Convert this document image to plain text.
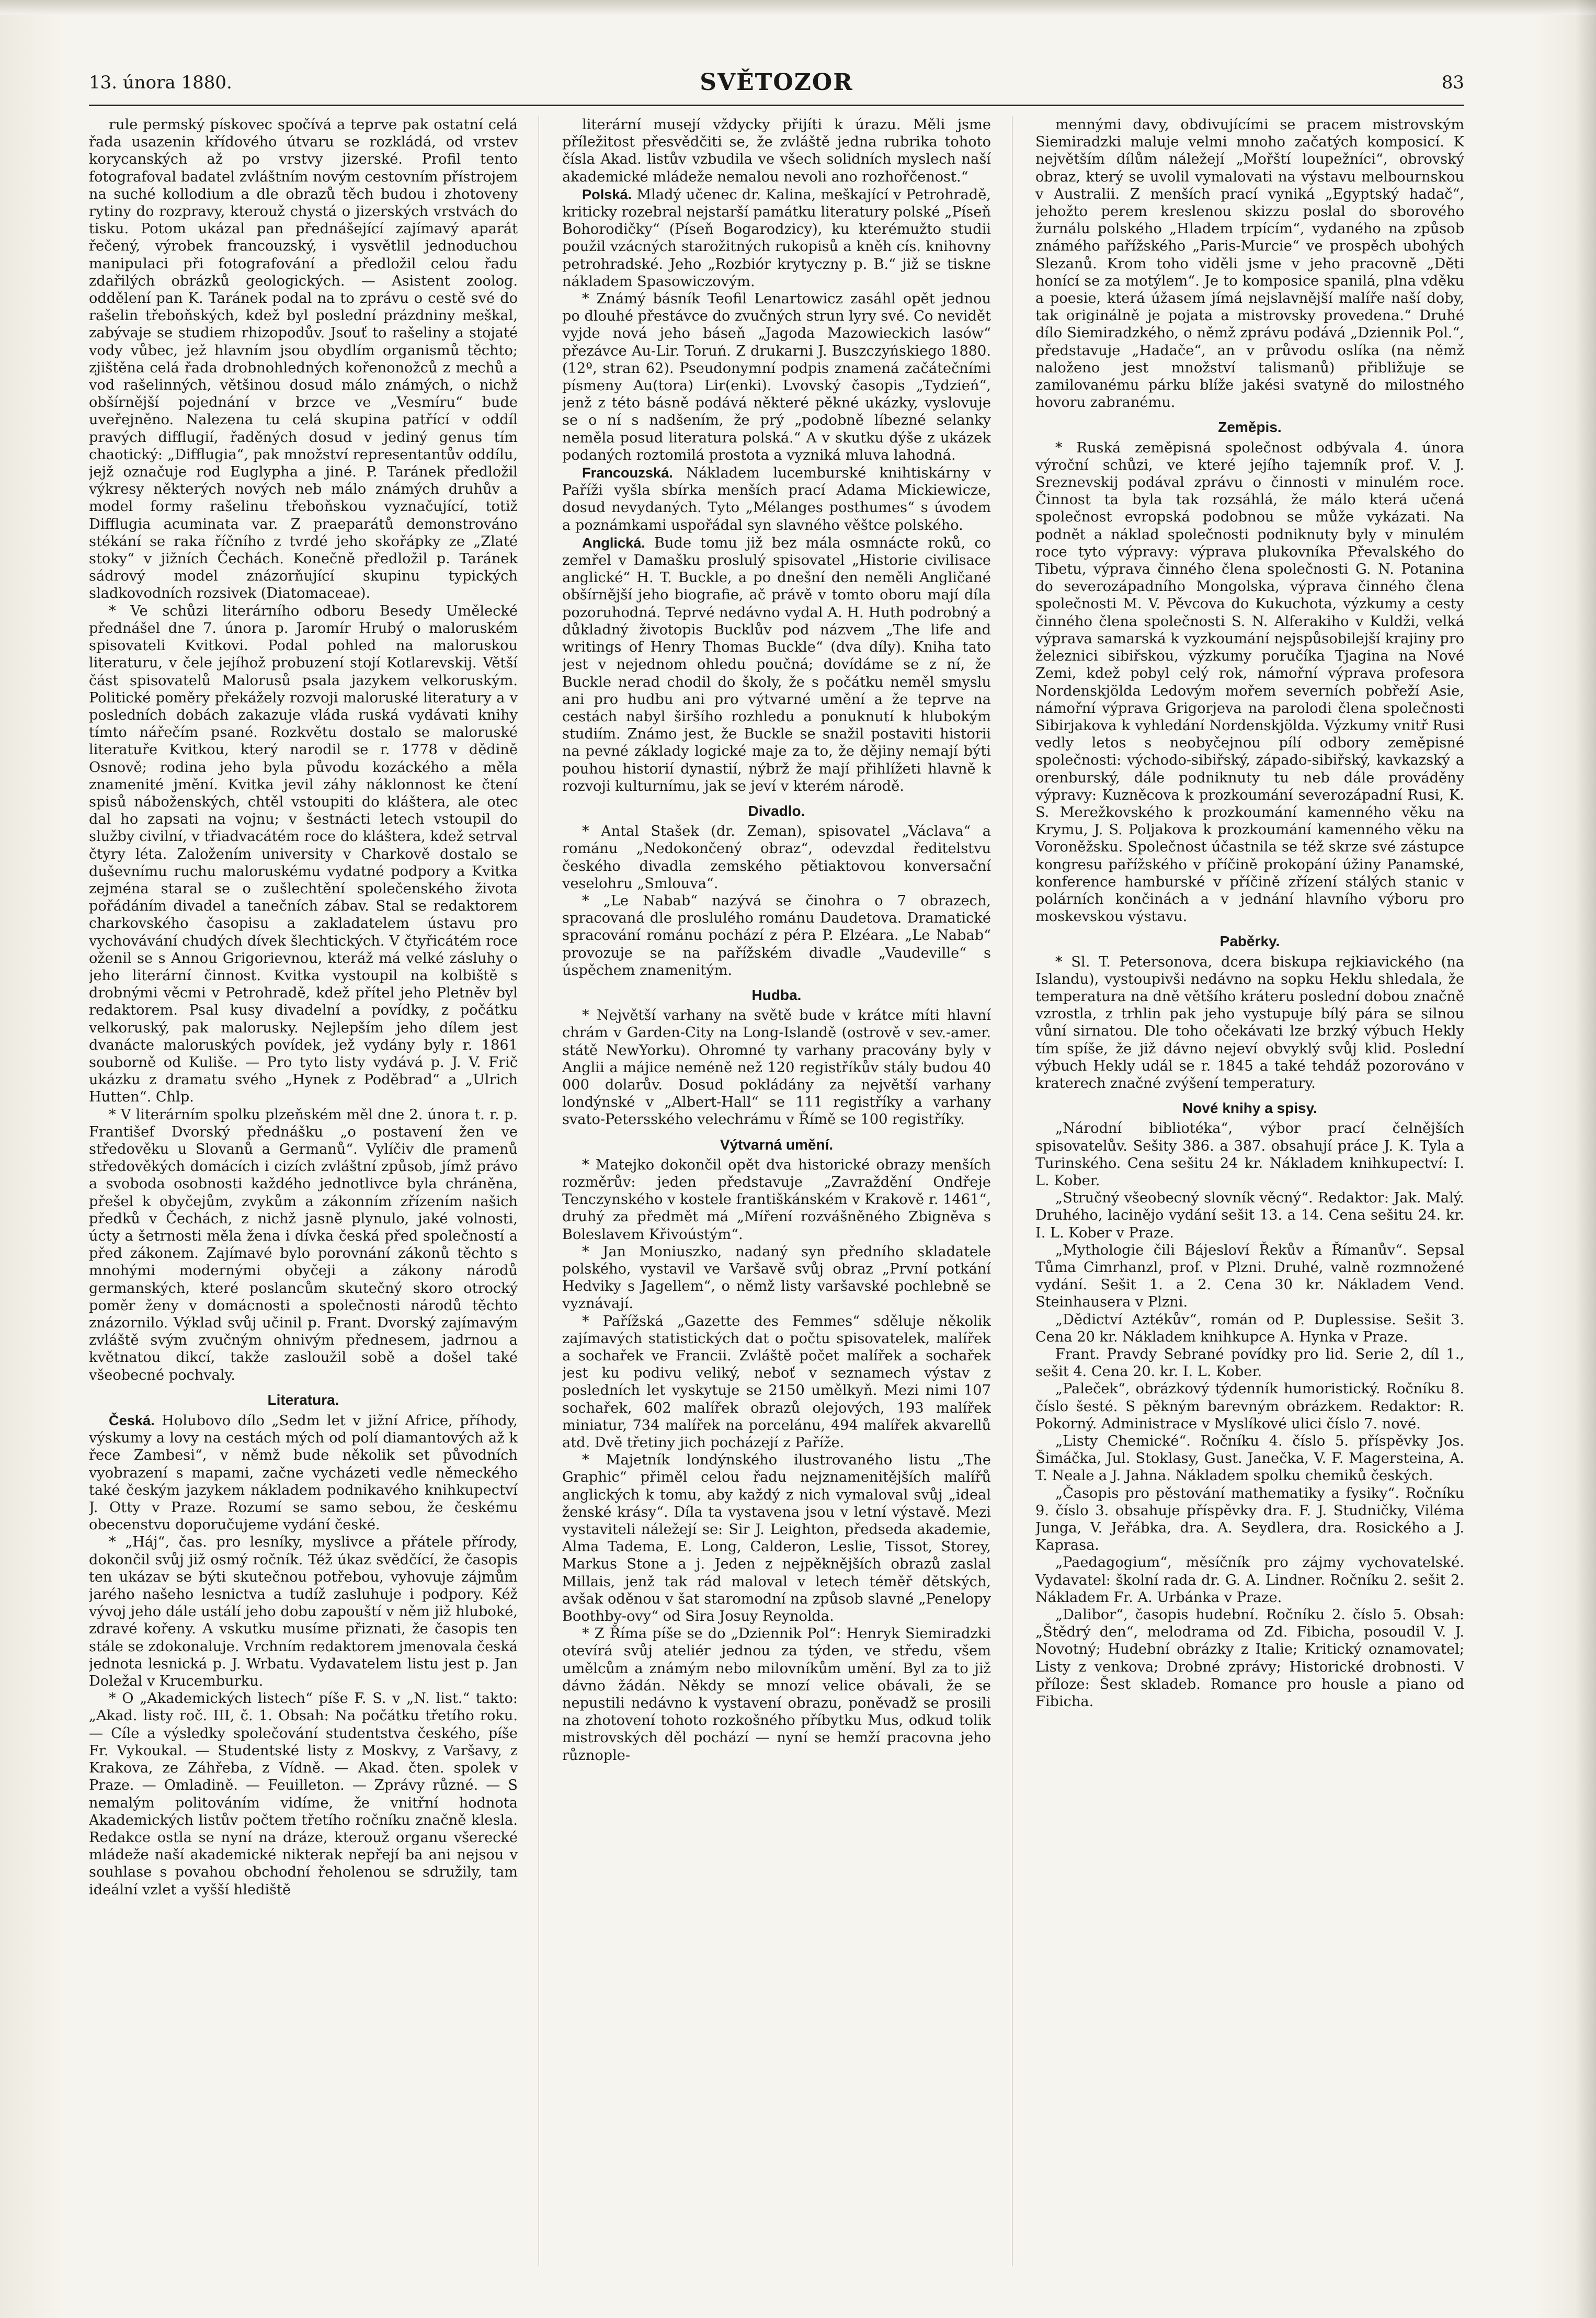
13. února 1880.	SVĚTOZOR	83

rule permský pískovec spočívá a teprve pak ostatní celá řada usazenin křídového útvaru se rozkládá, od vrstev korycanských až po vrstvy jizerské. Profil tento fotografoval badatel zvláštním novým cestovním přístrojem na suché kollodium a dle obrazů těch budou i zhotoveny rytiny do rozpravy, kterouž chystá o jizerských vrstvách do tisku. Potom ukázal pan přednášející zajímavý aparát řečený, výrobek francouzský, i vysvětlil jednoduchou manipulaci při fotografování a předložil celou řadu zdařilých obrázků geologických. — Asistent zoolog. oddělení pan K. Taránek podal na to zprávu o cestě své do rašelin třeboňských, kdež byl poslední prázdniny meškal, zabývaje se studiem rhizopodův. Jsouť to rašeliny a stojaté vody vůbec, jež hlavním jsou obydlím organismů těchto; zjištěna celá řada drobnohledných kořenonožců z mechů a vod rašelinných, většinou dosud málo známých, o nichž obšírnější pojednání v brzce ve „Vesmíru“ bude uveřejněno. Nalezena tu celá skupina patřící v oddíl pravých difflugií, řaděných dosud v jediný genus tím chaotický: „Difflugia“, pak množství representantův oddílu, jejž označuje rod Euglypha a jiné. P. Taránek předložil výkresy některých nových neb málo známých druhův a model formy rašelinu třeboňskou vyznačující, totiž Difflugia acuminata var. Z praeparátů demonstrováno stékání se raka říčního z tvrdé jeho skořápky ze „Zlaté stoky“ v jižních Čechách. Konečně předložil p. Taránek sádrový model znázorňující skupinu typických sladkovodních rozsivek (Diatomaceae).

* Ve schůzi literárního odboru Besedy Umělecké přednášel dne 7. února p. Jaromír Hrubý o maloruském spisovateli Kvitkovi. Podal pohled na maloruskou literaturu, v čele jejíhož probuzení stojí Kotlarevskij. Větší část spisovatelů Malorusů psala jazykem velkoruským. Politické poměry překážely rozvoji maloruské literatury a v posledních dobách zakazuje vláda ruská vydávati knihy tímto nářečím psané. Rozkvětu dostalo se maloruské literatuře Kvitkou, který narodil se r. 1778 v dědině Osnově; rodina jeho byla původu kozáckého a měla znamenité jmění. Kvitka jevil záhy náklonnost ke čtení spisů náboženských, chtěl vstoupiti do kláštera, ale otec dal ho zapsati na vojnu; v šestnácti letech vstoupil do služby civilní, v třiadvacátém roce do kláštera, kdež setrval čtyry léta. Založením university v Charkově dostalo se duševnímu ruchu maloruskému vydatné podpory a Kvitka zejména staral se o zušlechtění společenského života pořádáním divadel a tanečních zábav. Stal se redaktorem charkovského časopisu a zakladatelem ústavu pro vychovávání chudých dívek šlechtických. V čtyřicátém roce oženil se s Annou Grigorievnou, kteráž má velké zásluhy o jeho literární činnost. Kvitka vystoupil na kolbiště s drobnými věcmi v Petrohradě, kdež přítel jeho Pletněv byl redaktorem. Psal kusy divadelní a povídky, z počátku velkoruský, pak malorusky. Nejlepším jeho dílem jest dvanácte maloruských povídek, jež vydány byly r. 1861 souborně od Kuliše. — Pro tyto listy vydává p. J. V. Frič ukázku z dramatu svého „Hynek z Poděbrad“ a „Ulrich Hutten“. Chlp.

* V literárním spolku plzeňském měl dne 2. února t. r. p. Františef Dvorský přednášku „o postavení žen ve středověku u Slovanů a Germanů“. Vylíčiv dle pramenů středověkých domácích i cizích zvláštní způsob, jímž právo a svoboda osobnosti každého jednotlivce byla chráněna, přešel k obyčejům, zvykům a zákonním zřízením našich předků v Čechách, z nichž jasně plynulo, jaké volnosti, úcty a šetrnosti měla žena i dívka česká před společností a před zákonem. Zajímavé bylo porovnání zákonů těchto s mnohými modernými obyčeji a zákony národů germanských, které poslancům skutečný skoro otrocký poměr ženy v domácnosti a společnosti národů těchto znázornilo. Výklad svůj učinil p. Frant. Dvorský zajímavým zvláště svým zvučným ohnivým přednesem, jadrnou a květnatou dikcí, takže zasloužil sobě a došel také všeobecné pochvaly.

Literatura.

Česká. Holubovo dílo „Sedm let v jižní Africe, příhody, výskumy a lovy na cestách mých od polí diamantových až k řece Zambesi“, v němž bude několik set původních vyobrazení s mapami, začne vycházeti vedle německého také českým jazykem nákladem podnikavého knihkupectví J. Otty v Praze. Rozumí se samo sebou, že českému obecenstvu doporučujeme vydání české.

* „Háj“, čas. pro lesníky, myslivce a přátele přírody, dokončil svůj již osmý ročník. Též úkaz svědčící, že časopis ten ukázav se býti skutečnou potřebou, vyhovuje zájmům jarého našeho lesnictva a tudíž zasluhuje i podpory. Kéž vývoj jeho dále ustálí jeho dobu zapouští v něm již hluboké, zdravé kořeny. A vskutku musíme přiznati, že časopis ten stále se zdokonaluje. Vrchním redaktorem jmenovala česká jednota lesnická p. J. Wrbatu. Vydavatelem listu jest p. Jan Doležal v Krucemburku.

* O „Akademických listech“ píše F. S. v „N. list.“ takto: „Akad. listy roč. III, č. 1. Obsah: Na počátku třetího roku. — Cíle a výsledky společování studentstva českého, píše Fr. Vykoukal. — Studentské listy z Moskvy, z Varšavy, z Krakova, ze Záhřeba, z Vídně. — Akad. čten. spolek v Praze. — Omladině. — Feuilleton. — Zprávy různé. — S nemalým politováním vidíme, že vnitřní hodnota Akademických listův počtem třetího ročníku značně klesla. Redakce ostla se nyní na dráze, kterouž organu všerecké mládeže naší akademické nikterak nepřejí ba ani nejsou v souhlase s povahou obchodní řeholenou se sdružily, tam ideální vzlet a vyšší hlediště

literární musejí vždycky přijíti k úrazu. Měli jsme příležitost přesvědčiti se, že zvláště jedna rubrika tohoto čísla Akad. listův vzbudila ve všech solidních myslech naší akademické mládeže nemalou nevoli ano rozhořčenost.“

Polská. Mladý učenec dr. Kalina, meškající v Petrohradě, kriticky rozebral nejstarší památku literatury polské „Píseň Bohorodičky“ (Píseň Bogarodzicy), ku kterémužto studii použil vzácných starožitných rukopisů a kněh cís. knihovny petrohradské. Jeho „Rozbiór krytyczny p. B.“ již se tiskne nákladem Spasowiczovým.

* Známý básník Teofil Lenartowicz zasáhl opět jednou po dlouhé přestávce do zvučných strun lyry své. Co nevidět vyjde nová jeho báseň „Jagoda Mazowieckich lasów“ přezávce Au-Lir. Toruń. Z drukarni J. Buszczyńskiego 1880. (12º, stran 62). Pseudonymní podpis znamená začátečními písmeny Au(tora) Lir(enki). Lvovský časopis „Tydzień“, jenž z této básně podává některé pěkné ukázky, vyslovuje se o ní s nadšením, že prý „podobně líbezné selanky neměla posud literatura polská.“ A v skutku dýše z ukázek podaných roztomilá prostota a vyzniká mluva lahodná.

Francouzská. Nákladem lucemburské knihtiskárny v Paříži vyšla sbírka menších prací Adama Mickiewicze, dosud nevydaných. Tyto „Mélanges posthumes“ s úvodem a poznámkami uspořádal syn slavného věštce polského.

Anglická. Bude tomu již bez mála osmnácte roků, co zemřel v Damašku proslulý spisovatel „Historie civilisace anglické“ H. T. Buckle, a po dnešní den neměli Angličané obšírnější jeho biografie, ač právě v tomto oboru mají díla pozoruhodná. Teprvé nedávno vydal A. H. Huth podrobný a důkladný životopis Bucklův pod názvem „The life and writings of Henry Thomas Buckle“ (dva díly). Kniha tato jest v nejednom ohledu poučná; dovídáme se z ní, že Buckle nerad chodil do školy, že s počátku neměl smyslu ani pro hudbu ani pro výtvarné umění a že teprve na cestách nabyl širšího rozhledu a ponuknutí k hlubokým studiím. Známo jest, že Buckle se snažil postaviti historii na pevné základy logické maje za to, že dějiny nemají býti pouhou historií dynastií, nýbrž že mají přihlížeti hlavně k rozvoji kulturnímu, jak se jeví v kterém národě.

Divadlo.

* Antal Stašek (dr. Zeman), spisovatel „Václava“ a románu „Nedokončený obraz“, odevzdal ředitelstvu českého divadla zemského pětiaktovou konversační veselohru „Smlouva“.

* „Le Nabab“ nazývá se činohra o 7 obrazech, spracovaná dle proslulého románu Daudetova. Dramatické spracování románu pochází z péra P. Elzéara. „Le Nabab“ provozuje se na pařížském divadle „Vaudeville“ s úspěchem znamenitým.

Hudba.

* Největší varhany na světě bude v krátce míti hlavní chrám v Garden-City na Long-Islandě (ostrově v sev.-amer. státě NewYorku). Ohromné ty varhany pracovány byly v Anglii a májice neméně než 120 registříkův stály budou 40 000 dolarův. Dosud pokládány za největší varhany londýnské v „Albert-Hall“ se 111 registříky a varhany svato-Petersského velechrámu v Římě se 100 registříky.

Výtvarná umění.

* Matejko dokončil opět dva historické obrazy menších rozměrův: jeden představuje „Zavraždění Ondřeje Tenczynského v kostele františkánském v Krakově r. 1461“, druhý za předmět má „Míření rozvášněného Zbigněva s Boleslavem Křivoústým“.

* Jan Moniuszko, nadaný syn předního skladatele polského, vystavil ve Varšavě svůj obraz „První potkání Hedviky s Jagellem“, o němž listy varšavské pochlebně se vyznávají.

* Pařížská „Gazette des Femmes“ sděluje několik zajímavých statistických dat o počtu spisovatelek, malířek a sochařek ve Francii. Zvláště počet malířek a sochařek jest ku podivu veliký, neboť v seznamech výstav z posledních let vyskytuje se 2150 umělkyň. Mezi nimi 107 sochařek, 602 malířek obrazů olejových, 193 malířek miniatur, 734 malířek na porcelánu, 494 malířek akvarellů atd. Dvě třetiny jich pocházejí z Paříže.

* Majetník londýnského ilustrovaného listu „The Graphic“ přiměl celou řadu nejznamenitějších malířů anglických k tomu, aby každý z nich vymaloval svůj „ideal ženské krásy“. Díla ta vystavena jsou v letní výstavě. Mezi vystaviteli náležejí se: Sir J. Leighton, předseda akademie, Alma Tadema, E. Long, Calderon, Leslie, Tissot, Storey, Markus Stone a j. Jeden z nejpěknějších obrazů zaslal Millais, jenž tak rád maloval v letech téměř dětských, avšak oděnou v šat staromodní na způsob slavné „Penelopy Boothby-ovy“ od Sira Josuy Reynolda.

* Z Říma píše se do „Dziennik Pol“: Henryk Siemiradzki otevírá svůj ateliér jednou za týden, ve středu, všem umělcům a známým nebo milovníkům umění. Byl za to již dávno žádán. Někdy se mnozí velice obávali, že se nepustili nedávno k vystavení obrazu, poněvadž se prosili na zhotovení tohoto rozkošného příbytku Mus, odkud tolik mistrovských děl pochází — nyní se hemží pracovna jeho různople-

mennými davy, obdivujícími se pracem mistrovským Siemiradzki maluje velmi mnoho začatých komposicí. K největším dílům náležejí „Mořští loupežníci“, obrovský obraz, který se uvolil vymalovati na výstavu melbournskou v Australii. Z menších prací vyniká „Egyptský hadač“, jehožto perem kreslenou skizzu poslal do sborového žurnálu polského „Hladem trpícím“, vydaného na způsob známého pařížského „Paris-Murcie“ ve prospěch ubohých Slezanů. Krom toho viděli jsme v jeho pracovně „Děti honící se za motýlem“. Je to komposice spanilá, plna vděku a poesie, která úžasem jímá nejslavnější malíře naší doby, tak originálně je pojata a mistrovsky provedena.“ Druhé dílo Siemiradzkého, o němž zprávu podává „Dziennik Pol.“, představuje „Hadače“, an v průvodu oslíka (na němž naloženo jest množství talismanů) přibližuje se zamilovanému párku blíže jakési svatyně do milostného hovoru zabranému.

Zeměpis.

* Ruská zeměpisná společnost odbývala 4. února výroční schůzi, ve které jejího tajemník prof. V. J. Sreznevskij podával zprávu o činnosti v minulém roce. Činnost ta byla tak rozsáhlá, že málo která učená společnost evropská podobnou se může vykázati. Na podnět a náklad společnosti podniknuty byly v minulém roce tyto výpravy: výprava plukovníka Převalského do Tibetu, výprava činného člena společnosti G. N. Potanina do severozápadního Mongolska, výprava činného člena společnosti M. V. Pěvcova do Kukuchota, výzkumy a cesty činného člena společnosti S. N. Alferakiho v Kuldži, velká výprava samarská k vyzkoumání nejspůsobilejší krajiny pro železnici sibiřskou, výzkumy poručíka Tjagina na Nové Zemi, kdež pobyl celý rok, námořní výprava profesora Nordenskjölda Ledovým mořem severních pobřeží Asie, námořní výprava Grigorjeva na parolodi člena společnosti Sibirjakova k vyhledání Nordenskjölda. Výzkumy vnitř Rusi vedly letos s neobyčejnou pílí odbory zeměpisné společnosti: východo-sibiřský, západo-sibiřský, kavkazský a orenburský, dále podniknuty tu neb dále prováděny výpravy: Kuzněcova k prozkoumání severozápadní Rusi, K. S. Merežkovského k prozkoumání kamenného věku na Krymu, J. S. Poljakova k prozkoumání kamenného věku na Voroněžsku. Společnost účastnila se též skrze své zástupce kongresu pařížského v příčině prokopání úžiny Panamské, konference hamburské v příčině zřízení stálých stanic v polárních končinách a v jednání hlavního výboru pro moskevskou výstavu.

Paběrky.

* Sl. T. Petersonova, dcera biskupa rejkiavického (na Islandu), vystoupivši nedávno na sopku Heklu shledala, že temperatura na dně většího kráteru poslední dobou značně vzrostla, z trhlin pak jeho vystupuje bílý pára se silnou vůní sirnatou. Dle toho očekávati lze brzký výbuch Hekly tím spíše, že již dávno nejeví obvyklý svůj klid. Poslední výbuch Hekly udál se r. 1845 a také tehdáž pozorováno v kraterech značné zvýšení temperatury.

Nové knihy a spisy.

„Národní bibliotéka“, výbor prací čelnějších spisovatelův. Sešity 386. a 387. obsahují práce J. K. Tyla a Turinského. Cena sešitu 24 kr. Nákladem knihkupectví: I. L. Kober.

„Stručný všeobecný slovník věcný“. Redaktor: Jak. Malý. Druhého, lacinějo vydání sešit 13. a 14. Cena sešitu 24. kr. I. L. Kober v Praze.

„Mythologie čili Bájesloví Řekův a Římanův“. Sepsal Tůma Cimrhanzl, prof. v Plzni. Druhé, valně rozmnožené vydání. Sešit 1. a 2. Cena 30 kr. Nákladem Vend. Steinhausera v Plzni.

„Dědictví Aztékův“, román od P. Duplessise. Sešit 3. Cena 20 kr. Nákladem knihkupce A. Hynka v Praze.

Frant. Pravdy Sebrané povídky pro lid. Serie 2, díl 1., sešit 4. Cena 20. kr. I. L. Kober.

„Paleček“, obrázkový týdenník humoristický. Ročníku 8. číslo šesté. S pěkným barevným obrázkem. Redaktor: R. Pokorný. Administrace v Myslíkové ulici číslo 7. nové.

„Listy Chemické“. Ročníku 4. číslo 5. příspěvky Jos. Šimáčka, Jul. Stoklasy, Gust. Janečka, V. F. Magersteina, A. T. Neale a J. Jahna. Nákladem spolku chemiků českých.

„Časopis pro pěstování mathematiky a fysiky“. Ročníku 9. číslo 3. obsahuje příspěvky dra. F. J. Studničky, Viléma Junga, V. Jeřábka, dra. A. Seydlera, dra. Rosického a J. Kaprasa.

„Paedagogium“, měsíčník pro zájmy vychovatelské. Vydavatel: školní rada dr. G. A. Lindner. Ročníku 2. sešit 2. Nákladem Fr. A. Urbánka v Praze.

„Dalibor“, časopis hudební. Ročníku 2. číslo 5. Obsah: „Štědrý den“, melodrama od Zd. Fibicha, posoudil V. J. Novotný; Hudební obrázky z Italie; Kritický oznamovatel; Listy z venkova; Drobné zprávy; Historické drobnosti. V příloze: Šest skladeb. Romance pro housle a piano od Fibicha.
